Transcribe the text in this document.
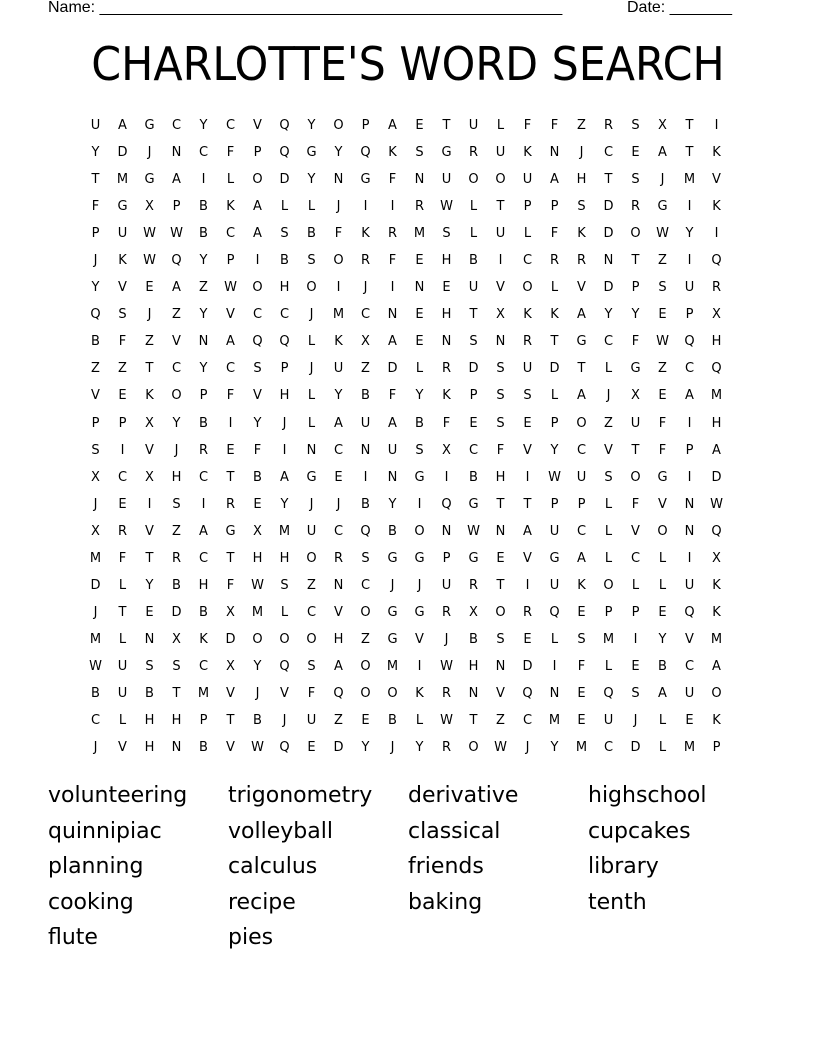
Name: ____________________________________________________	Date: _______
CHARLOTTE'S WORD SEARCH
U	A	G	C	Y	C	V	Q	Y	O	P	A	E	T	U	L	F	F	Z	R	S	X	T	I
Y	D	J	N	C	F	P	Q	G	Y	Q	K	S	G	R	U	K	N	J	C	E	A	T	K
T	M	G	A	I	L	O	D	Y	N	G	F	N	U	O	O	U	A	H	T	S	J	M	V
F	G	X	P	B	K	A	L	L	J	I	I	R	W	L	T	P	P	S	D	R	G	I	K
P	U	W	W	B	C	A	S	B	F	K	R	M	S	L	U	L	F	K	D	O	W	Y	I
J	K	W	Q	Y	P	I	B	S	O	R	F	E	H	B	I	C	R	R	N	T	Z	I	Q
Y	V	E	A	Z	W	O	H	O	I	J	I	N	E	U	V	O	L	V	D	P	S	U	R
Q	S	J	Z	Y	V	C	C	J	M	C	N	E	H	T	X	K	K	A	Y	Y	E	P	X
B	F	Z	V	N	A	Q	Q	L	K	X	A	E	N	S	N	R	T	G	C	F	W	Q	H
Z	Z	T	C	Y	C	S	P	J	U	Z	D	L	R	D	S	U	D	T	L	G	Z	C	Q
V	E	K	O	P	F	V	H	L	Y	B	F	Y	K	P	S	S	L	A	J	X	E	A	M
P	P	X	Y	B	I	Y	J	L	A	U	A	B	F	E	S	E	P	O	Z	U	F	I	H
S	I	V	J	R	E	F	I	N	C	N	U	S	X	C	F	V	Y	C	V	T	F	P	A
X	C	X	H	C	T	B	A	G	E	I	N	G	I	B	H	I	W	U	S	O	G	I	D
J	E	I	S	I	R	E	Y	J	J	B	Y	I	Q	G	T	T	P	P	L	F	V	N	W
X	R	V	Z	A	G	X	M	U	C	Q	B	O	N	W	N	A	U	C	L	V	O	N	Q
M	F	T	R	C	T	H	H	O	R	S	G	G	P	G	E	V	G	A	L	C	L	I	X
D	L	Y	B	H	F	W	S	Z	N	C	J	J	U	R	T	I	U	K	O	L	L	U	K
J	T	E	D	B	X	M	L	C	V	O	G	G	R	X	O	R	Q	E	P	P	E	Q	K
M	L	N	X	K	D	O	O	O	H	Z	G	V	J	B	S	E	L	S	M	I	Y	V	M
W	U	S	S	C	X	Y	Q	S	A	O	M	I	W	H	N	D	I	F	L	E	B	C	A
B	U	B	T	M	V	J	V	F	Q	O	O	K	R	N	V	Q	N	E	Q	S	A	U	O
C	L	H	H	P	T	B	J	U	Z	E	B	L	W	T	Z	C	M	E	U	J	L	E	K
J	V	H	N	B	V	W	Q	E	D	Y	J	Y	R	O	W	J	Y	M	C	D	L	M	P
volunteering	trigonometry	derivative	highschool
quinnipiac	volleyball	classical	cupcakes
planning	calculus	friends	library
cooking	recipe	baking	tenth
flute	pies
